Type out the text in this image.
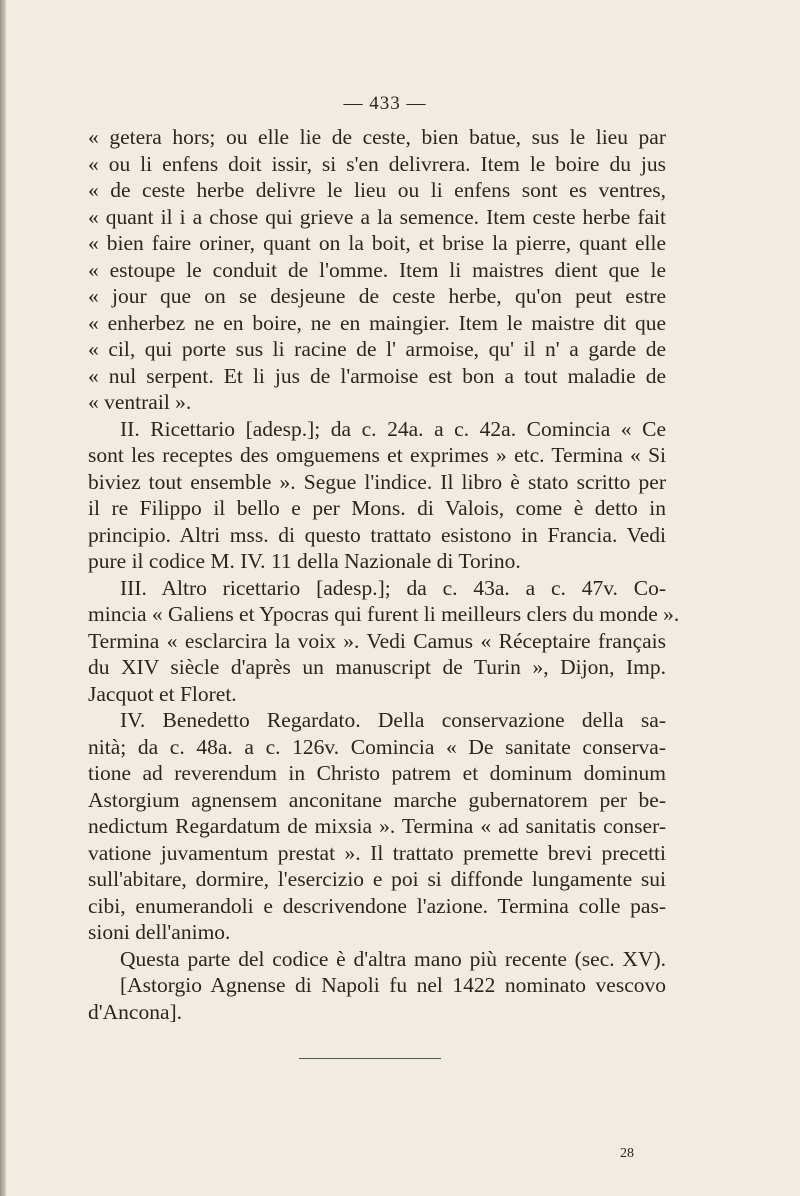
— 433 —
« getera hors; ou elle lie de ceste, bien batue, sus le lieu par
« ou li enfens doit issir, si s'en delivrera. Item le boire du jus
« de ceste herbe delivre le lieu ou li enfens sont es ventres,
« quant il i a chose qui grieve a la semence. Item ceste herbe fait
« bien faire oriner, quant on la boit, et brise la pierre, quant elle
« estoupe le conduit de l'omme. Item li maistres dient que le
« jour que on se desjeune de ceste herbe, qu'on peut estre
« enherbez ne en boire, ne en maingier. Item le maistre dit que
« cil, qui porte sus li racine de l' armoise, qu' il n' a garde de
« nul serpent. Et li jus de l'armoise est bon a tout maladie de
« ventrail ».
II. Ricettario [adesp.]; da c. 24a. a c. 42a. Comincia « Ce
sont les receptes des omguemens et exprimes » etc. Termina « Si
biviez tout ensemble ». Segue l'indice. Il libro è stato scritto per
il re Filippo il bello e per Mons. di Valois, come è detto in
principio. Altri mss. di questo trattato esistono in Francia. Vedi
pure il codice M. IV. 11 della Nazionale di Torino.
III. Altro ricettario [adesp.]; da c. 43a. a c. 47v. Co-
mincia « Galiens et Ypocras qui furent li meilleurs clers du monde ».
Termina « esclarcira la voix ». Vedi Camus « Réceptaire français
du XIV siècle d'après un manuscript de Turin », Dijon, Imp.
Jacquot et Floret.
IV. Benedetto Regardato. Della conservazione della sa-
nità; da c. 48a. a c. 126v. Comincia « De sanitate conserva-
tione ad reverendum in Christo patrem et dominum dominum
Astorgium agnensem anconitane marche gubernatorem per be-
nedictum Regardatum de mixsia ». Termina « ad sanitatis conser-
vatione juvamentum prestat ». Il trattato premette brevi precetti
sull'abitare, dormire, l'esercizio e poi si diffonde lungamente sui
cibi, enumerandoli e descrivendone l'azione. Termina colle pas-
sioni dell'animo.
Questa parte del codice è d'altra mano più recente (sec. XV).
[Astorgio Agnense di Napoli fu nel 1422 nominato vescovo
d'Ancona].
28
